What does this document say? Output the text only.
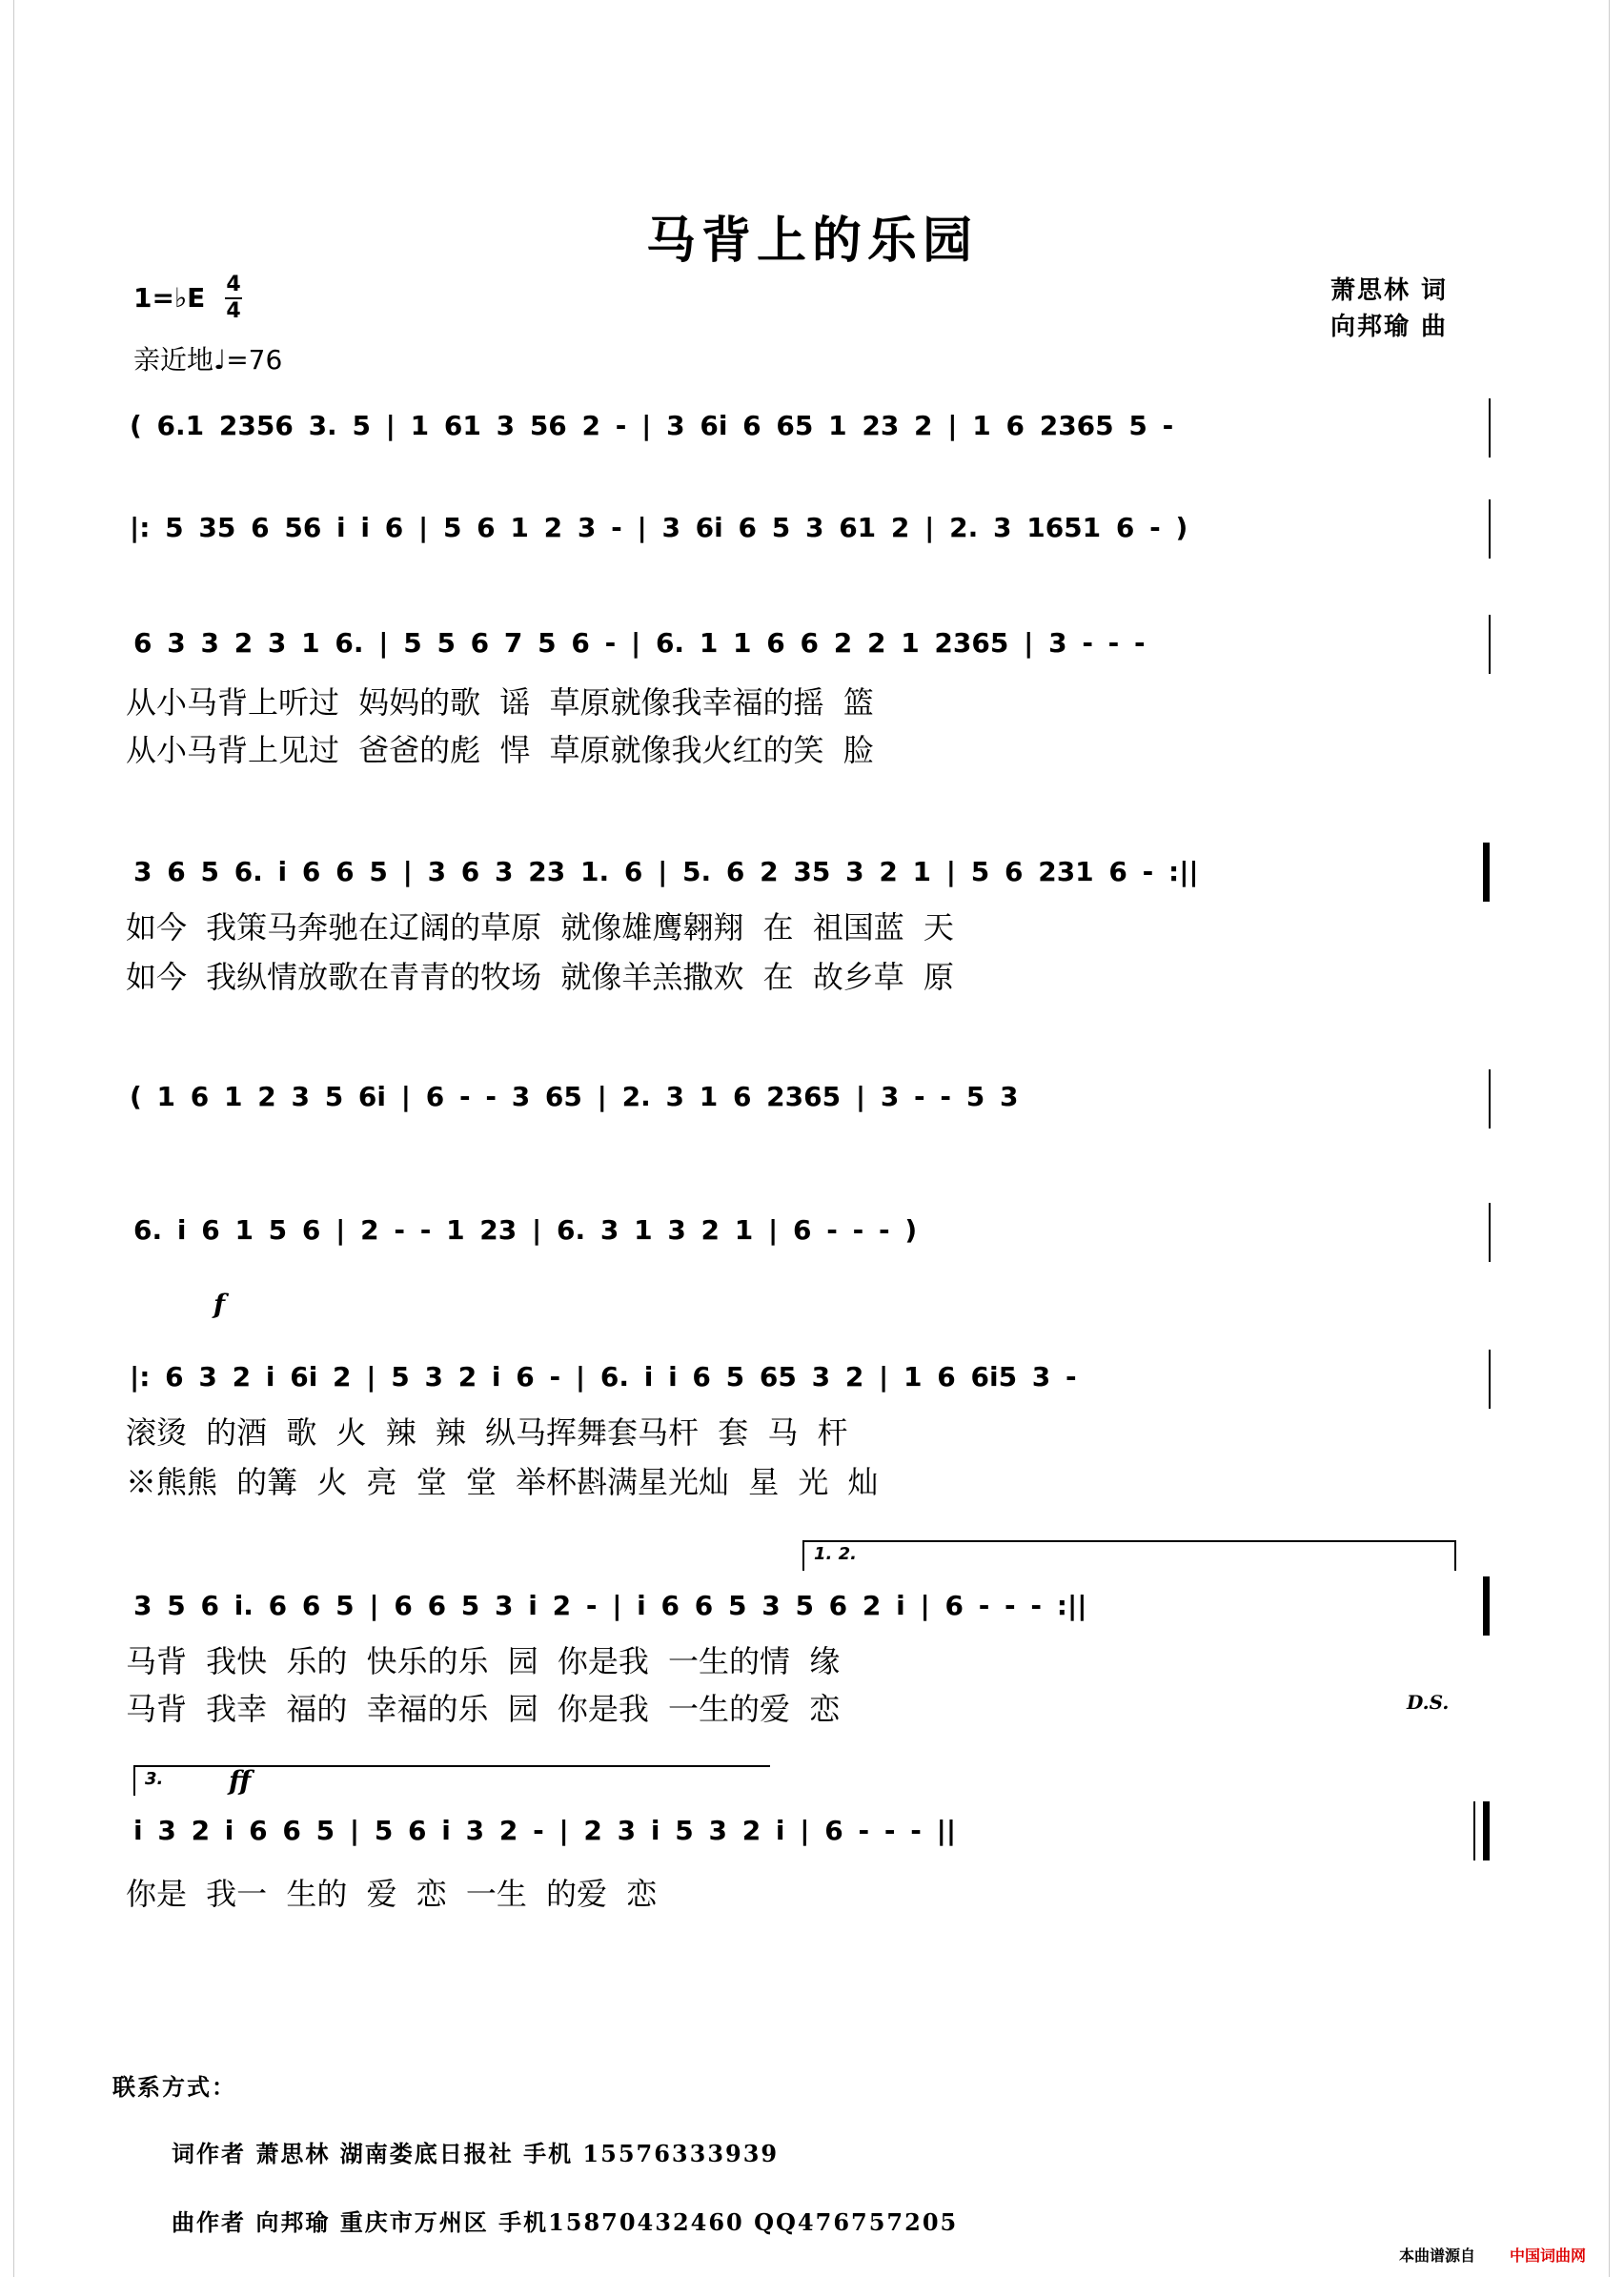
马背上的乐园
1=♭E 4
4
亲近地♩=76
萧思林 词
向邦瑜 曲
( 6.1 2356 3. 5 | 1 61 3 56 2 - | 3 6i 6 65 1 23 2 | 1 6 2365 5 -
|: 5 35 6 56 i i 6 | 5 6 1 2 3 - | 3 6i 6 5 3 61 2 | 2. 3 1651 6 - )
6 3 3 2 3 1 6. | 5 5 6 7 5 6 - | 6. 1 1 6 6 2 2 1 2365 | 3 - - -
从小马背上听过 妈妈的歌 谣 草原就像我幸福的摇 篮
从小马背上见过 爸爸的彪 悍 草原就像我火红的笑 脸
3 6 5 6. i 6 6 5 | 3 6 3 23 1. 6 | 5. 6 2 35 3 2 1 | 5 6 231 6 - :||
如今 我策马奔驰在辽阔的草原 就像雄鹰翱翔 在 祖国蓝 天
如今 我纵情放歌在青青的牧场 就像羊羔撒欢 在 故乡草 原
( 1 6 1 2 3 5 6i | 6 - - 3 65 | 2. 3 1 6 2365 | 3 - - 5 3
6. i 6 1 5 6 | 2 - - 1 23 | 6. 3 1 3 2 1 | 6 - - - )
f
|: 6 3 2 i 6i 2 | 5 3 2 i 6 - | 6. i i 6 5 65 3 2 | 1 6 6i5 3 -
滚烫 的酒 歌 火 辣 辣 纵马挥舞套马杆 套 马 杆
※熊熊 的篝 火 亮 堂 堂 举杯斟满星光灿 星 光 灿
1. 2.
3 5 6 i. 6 6 5 | 6 6 5 3 i 2 - | i 6 6 5 3 5 6 2 i | 6 - - - :||
马背 我快 乐的 快乐的乐 园 你是我 一生的情 缘
马背 我幸 福的 幸福的乐 园 你是我 一生的爱 恋	D.S.
3. ff
i 3 2 i 6 6 5 | 5 6 i 3 2 - | 2 3 i 5 3 2 i | 6 - - - ||
你是 我一 生的 爱 恋 一生 的爱 恋
联系方式：
词作者 萧思林 湖南娄底日报社 手机 15576333939
曲作者 向邦瑜 重庆市万州区 手机15870432460 QQ476757205
本曲谱源自 中国词曲网
